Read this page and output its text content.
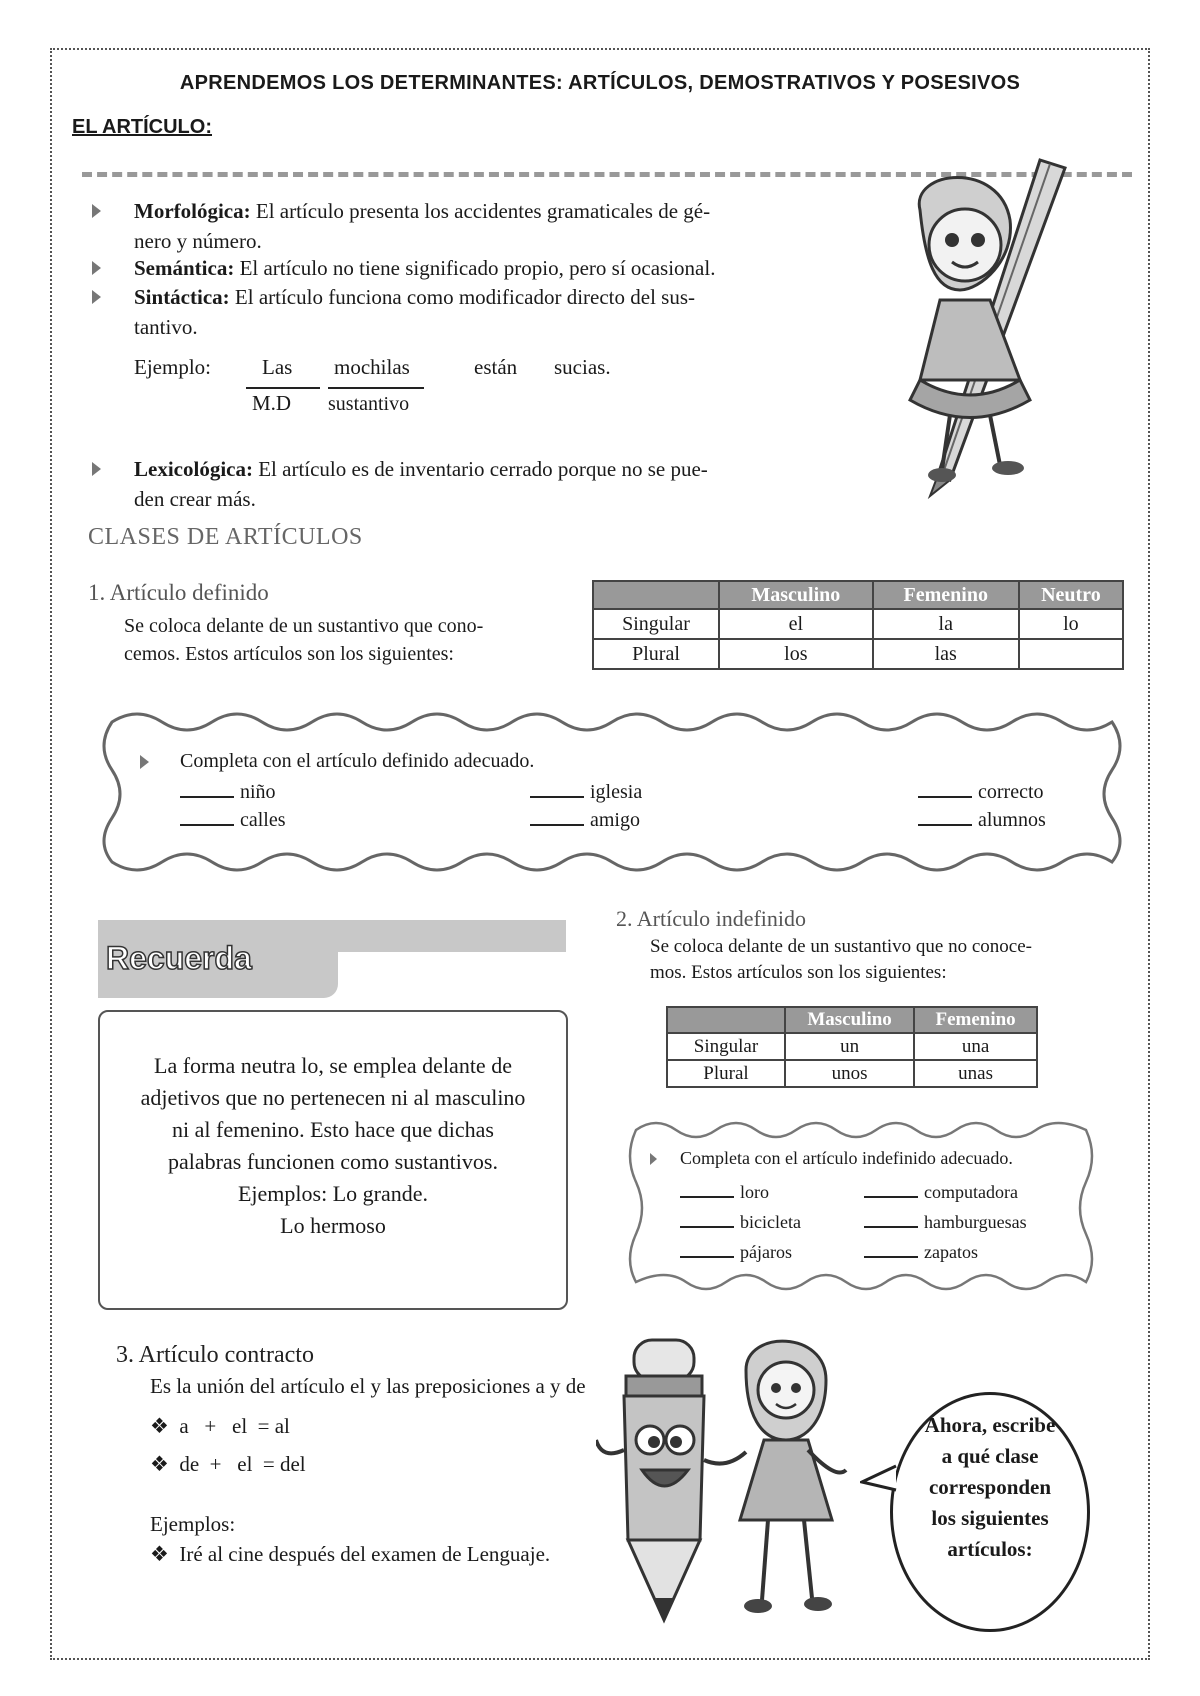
APRENDEMOS LOS DETERMINANTES: ARTÍCULOS, DEMOSTRATIVOS Y POSESIVOS
EL ARTÍCULO:
Morfológica: El artículo presenta los accidentes gramaticales de gé-
nero y número.
Semántica: El artículo no tiene significado propio, pero sí ocasional.
Sintáctica: El artículo funciona como modificador directo del sus-
tantivo.
Ejemplo: Las mochilas	están sucias.
M.D sustantivo
Lexicológica: El artículo es de inventario cerrado porque no se pue-
den crear más.
CLASES DE ARTÍCULOS
1. Artículo definido
Se coloca delante de un sustantivo que cono-
cemos. Estos artículos son los siguientes:
	Masculino	Femenino	Neutro
Singular	el	la	lo
Plural	los	las	
Completa con el artículo definido adecuado.
niño	iglesia	correcto
calles	amigo	alumnos
Recuerda
La forma neutra lo, se emplea delante de
adjetivos que no pertenecen ni al masculino
ni al femenino. Esto hace que dichas
palabras funcionen como sustantivos.
Ejemplos: Lo grande.
Lo hermoso
2. Artículo indefinido
Se coloca delante de un sustantivo que no conoce-
mos. Estos artículos son los siguientes:
	Masculino	Femenino
Singular	un	una
Plural	unos	unas
Completa con el artículo indefinido adecuado.
loro	computadora
bicicleta	hamburguesas
pájaros	zapatos
3. Artículo contracto
Es la unión del artículo el y las preposiciones a y de
❖  a   +   el  = al
❖  de  +   el  = del
Ejemplos:
❖  Iré al cine después del examen de Lenguaje.
Ahora, escribe
a qué clase
corresponden
los siguientes
artículos:
